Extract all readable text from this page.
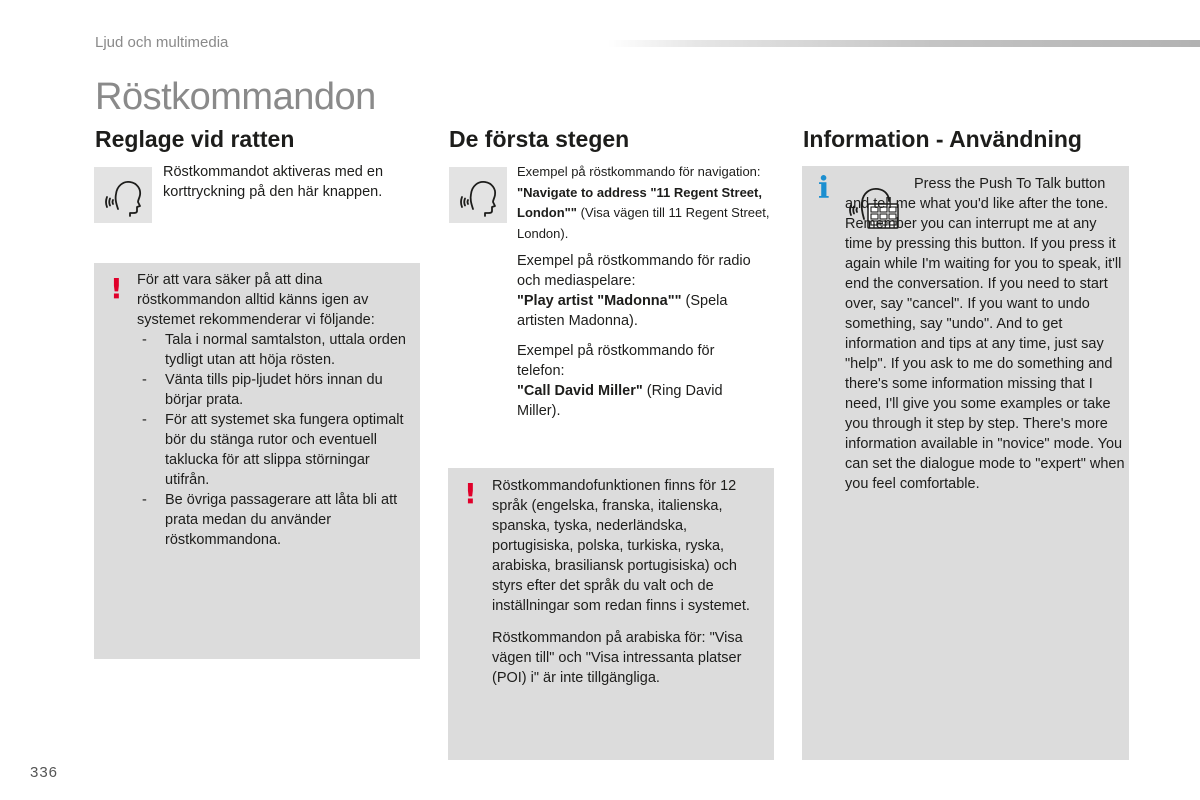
Ljud och multimedia
Röstkommandon
Reglage vid ratten
Röstkommandot aktiveras med en korttryckning på den här knappen.
! För att vara säker på att dina röstkommandon alltid känns igen av systemet rekommenderar vi följande:

- Tala i normal samtalston, uttala orden tydligt utan att höja rösten.
- Vänta tills pip-ljudet hörs innan du börjar prata.
- För att systemet ska fungera optimalt bör du stänga rutor och eventuell taklucka för att slippa störningar utifrån.
- Be övriga passagerare att låta bli att prata medan du använder röstkommandona.
De första stegen
Exempel på röstkommando för navigation:
"Navigate to address "11 Regent Street, London"" (Visa vägen till 11 Regent Street, London).
Exempel på röstkommando för radio och mediaspelare:
"Play artist "Madonna"" (Spela artisten Madonna).
Exempel på röstkommando för telefon:
"Call David Miller" (Ring David Miller).
! Röstkommandofunktionen finns för 12 språk (engelska, franska, italienska, spanska, tyska, nederländska, portugisiska, polska, turkiska, ryska, arabiska, brasiliansk portugisiska) och styrs efter det språk du valt och de inställningar som redan finns i systemet.

Röstkommandon på arabiska för: "Visa vägen till" och "Visa intressanta platser (POI) i" är inte tillgängliga.

Information - Användning
i	Press the Push To Talk button and tell me what you'd like after the tone. Remember you can interrupt me at any time by pressing this button. If you press it again while I'm waiting for you to speak, it'll end the conversation. If you need to start over, say "cancel". If you want to undo something, say "undo". And to get information and tips at any time, just say "help". If you ask to me do something and there's some information missing that I need, I'll give you some examples or take you through it step by step. There's more information available in "novice" mode. You can set the dialogue mode to "expert" when you feel comfortable.
336
